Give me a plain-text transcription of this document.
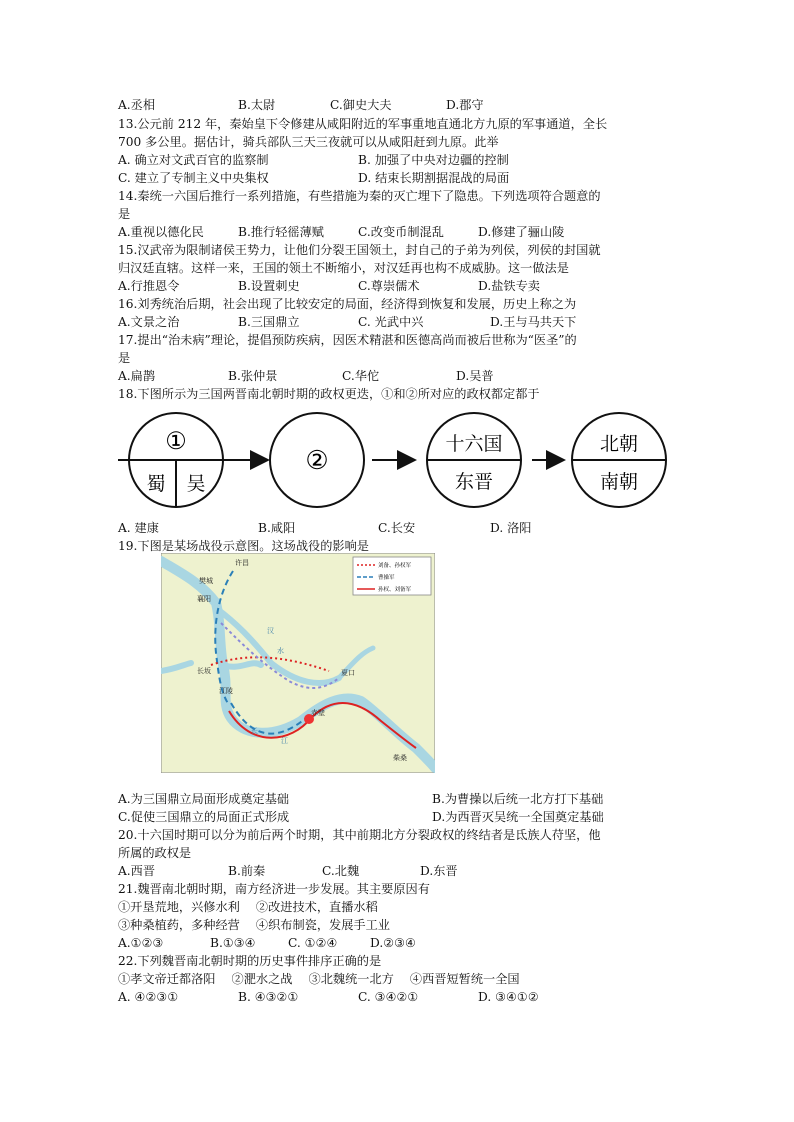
A.丞相	B.太尉	C.御史大夫	D.郡守
13.公元前 212 年，秦始皇下令修建从咸阳附近的军事重地直通北方九原的军事通道，全长
700 多公里。据估计，骑兵部队三天三夜就可以从咸阳赶到九原。此举
A. 确立对文武百官的监察制	B. 加强了中央对边疆的控制
C. 建立了专制主义中央集权	D. 结束长期割据混战的局面
14.秦统一六国后推行一系列措施，有些措施为秦的灭亡埋下了隐患。下列选项符合题意的
是
A.重视以德化民	B.推行轻徭薄赋	C.改变币制混乱	D.修建了骊山陵
15.汉武帝为限制诸侯王势力，让他们分裂王国领土，封自己的子弟为列侯，列侯的封国就
归汉廷直辖。这样一来，王国的领土不断缩小，对汉廷再也构不成威胁。这一做法是
A.行推恩令	B.设置刺史	C.尊崇儒术	D.盐铁专卖
16.刘秀统治后期，社会出现了比较安定的局面，经济得到恢复和发展，历史上称之为
A.文景之治	B.三国鼎立	C. 光武中兴	D.王与马共天下
17.提出“治未病”理论，提倡预防疾病，因医术精湛和医德高尚而被后世称为“医圣”的
是
A.扁鹊	B.张仲景	C.华佗	D.吴普
18.下图所示为三国两晋南北朝时期的政权更迭，①和②所对应的政权都定都于
①
蜀 吴
②
十六国
东晋
北朝
南朝
A. 建康	B.咸阳	C.长安	D. 洛阳
19.下图是某场战役示意图。这场战役的影响是
刘备、孙权军
曹操军
孙权、刘备军
许昌
樊城
襄阳
长坂
江陵
赤壁
夏口
柴桑
汉
水
长
江
A.为三国鼎立局面形成奠定基础	B.为曹操以后统一北方打下基础
C.促使三国鼎立的局面正式形成	D.为西晋灭吴统一全国奠定基础
20.十六国时期可以分为前后两个时期，其中前期北方分裂政权的终结者是氐族人苻坚，他
所属的政权是
A.西晋	B.前秦	C.北魏	D.东晋
21.魏晋南北朝时期，南方经济进一步发展。其主要原因有
①开垦荒地，兴修水利　 ②改进技术，直播水稻
③种桑植药，多种经营　 ④织布制瓷，发展手工业
A.①②③	B.①③④	C. ①②④	D.②③④
22.下列魏晋南北朝时期的历史事件排序正确的是
①孝文帝迁都洛阳　 ②淝水之战　 ③北魏统一北方　 ④西晋短暂统一全国
A. ④②③①	B. ④③②①	C. ③④②①	D. ③④①②
